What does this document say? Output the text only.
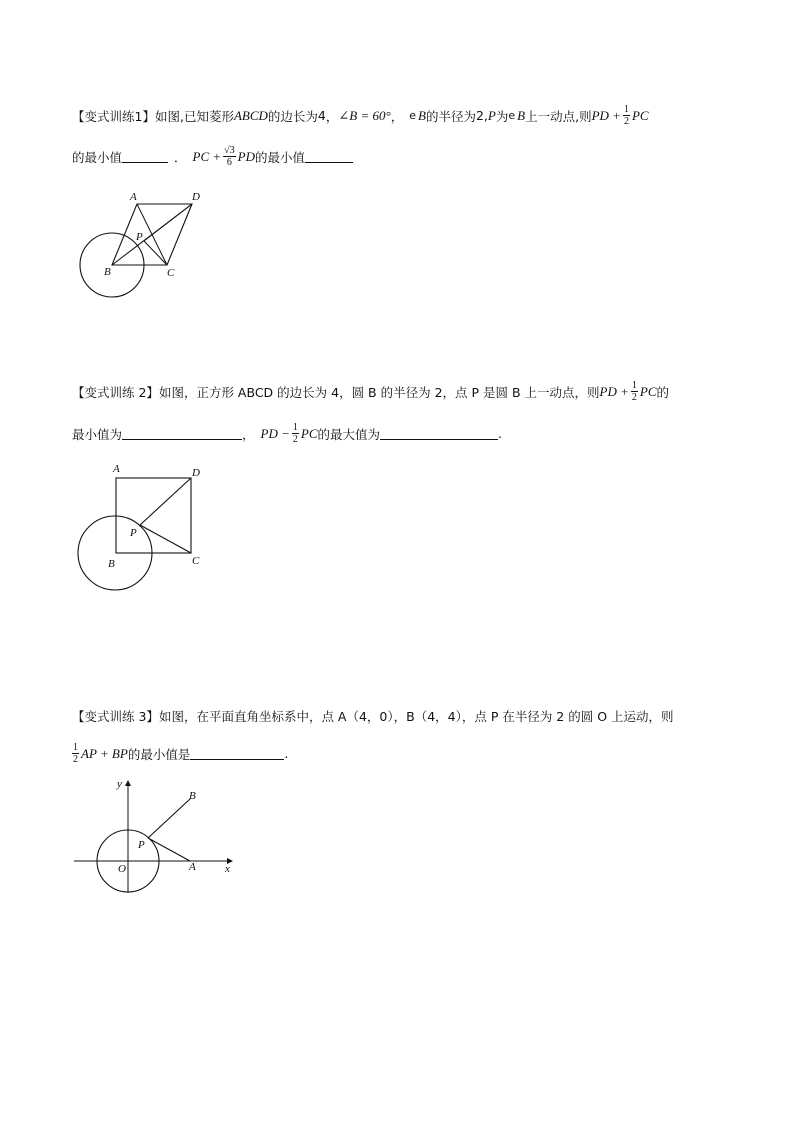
【变式训练1】 如图,已知菱形 ABCD 的边长为 4 ， ∠B = 60° ， e B 的半径为 2 , P 为 e B 上一动点,则 PD + $\frac{1}{2}$ PC
的最小值	． PC + $\frac{√3}{6}$ PD 的最小值
A	D
P
B	C
【变式训练 2】 如图，正方形 ABCD 的边长为 4，圆 B 的半径为 2，点 P 是圆 B 上一动点，则 PD + $\frac{1}{2}$ PC 的
最小值为	， PD − $\frac{1}{2}$ PC 的最大值为	.
A	D
P
B	C
【变式训练 3】 如图，在平面直角坐标系中，点 A（4，0），B（4，4），点 P 在半径为 2 的圆 O 上运动，则
$\frac{1}{2}$ AP + BP 的最小值是	.
y
B
P
O	A	x
